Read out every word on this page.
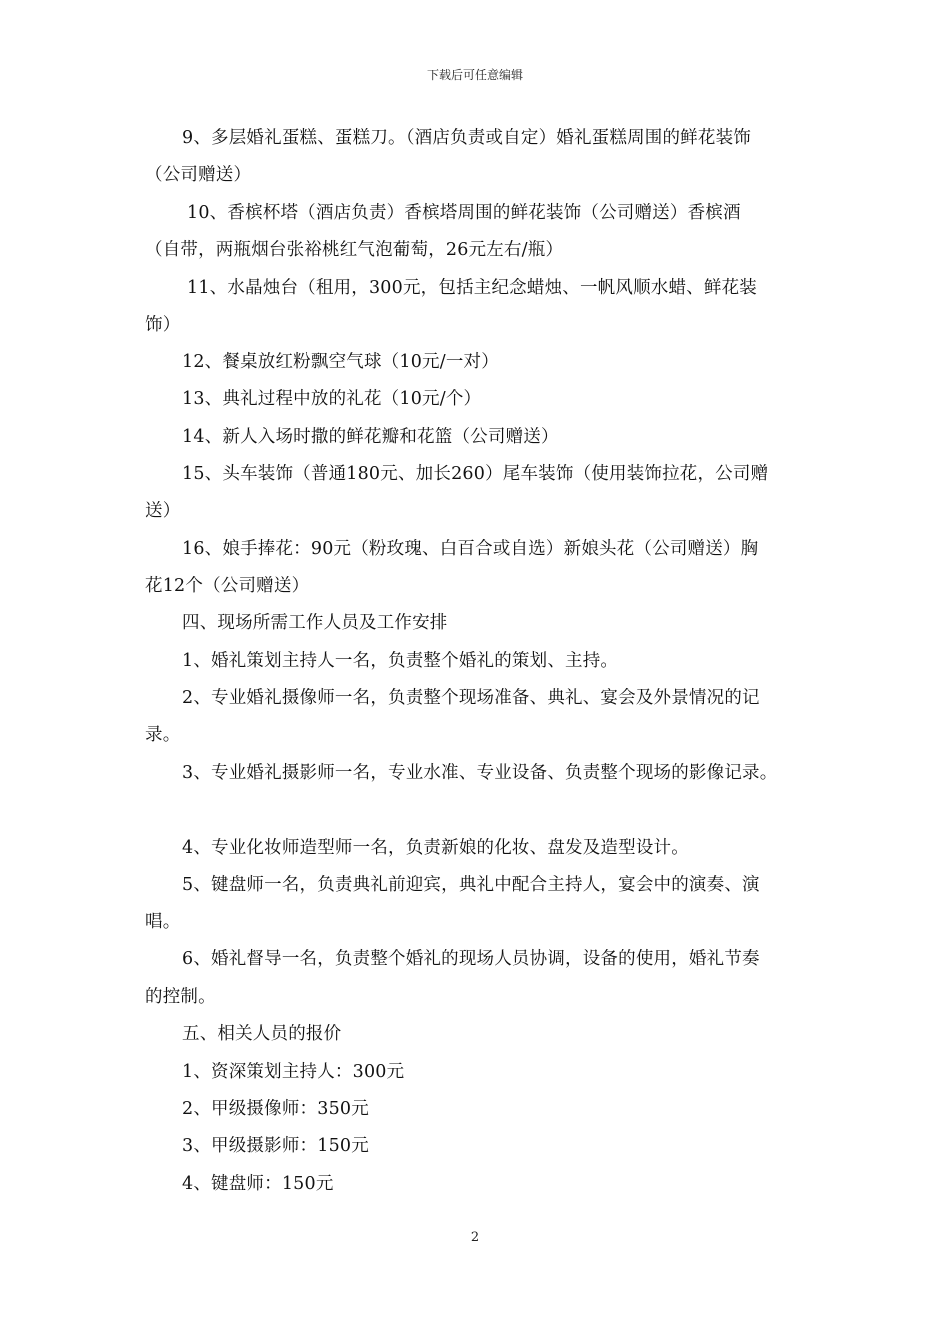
下载后可任意编辑
9、多层婚礼蛋糕、蛋糕刀。（酒店负责或自定）婚礼蛋糕周围的鲜花装饰
（公司赠送）
10、香槟杯塔（酒店负责）香槟塔周围的鲜花装饰（公司赠送）香槟酒
（自带，两瓶烟台张裕桃红气泡葡萄，26元左右/瓶）
11、水晶烛台（租用，300元，包括主纪念蜡烛、一帆风顺水蜡、鲜花装
饰）
12、餐桌放红粉飘空气球（10元/一对）
13、典礼过程中放的礼花（10元/个）
14、新人入场时撒的鲜花瓣和花篮（公司赠送）
15、头车装饰（普通180元、加长260）尾车装饰（使用装饰拉花，公司赠
送）
16、娘手捧花：90元（粉玫瑰、白百合或自选）新娘头花（公司赠送）胸
花12个（公司赠送）
四、现场所需工作人员及工作安排
1、婚礼策划主持人一名，负责整个婚礼的策划、主持。
2、专业婚礼摄像师一名，负责整个现场准备、典礼、宴会及外景情况的记
录。
3、专业婚礼摄影师一名，专业水准、专业设备、负责整个现场的影像记录。
4、专业化妆师造型师一名，负责新娘的化妆、盘发及造型设计。
5、键盘师一名，负责典礼前迎宾，典礼中配合主持人，宴会中的演奏、演
唱。
6、婚礼督导一名，负责整个婚礼的现场人员协调，设备的使用，婚礼节奏
的控制。
五、相关人员的报价
1、资深策划主持人：300元
2、甲级摄像师：350元
3、甲级摄影师：150元
4、键盘师：150元
2
